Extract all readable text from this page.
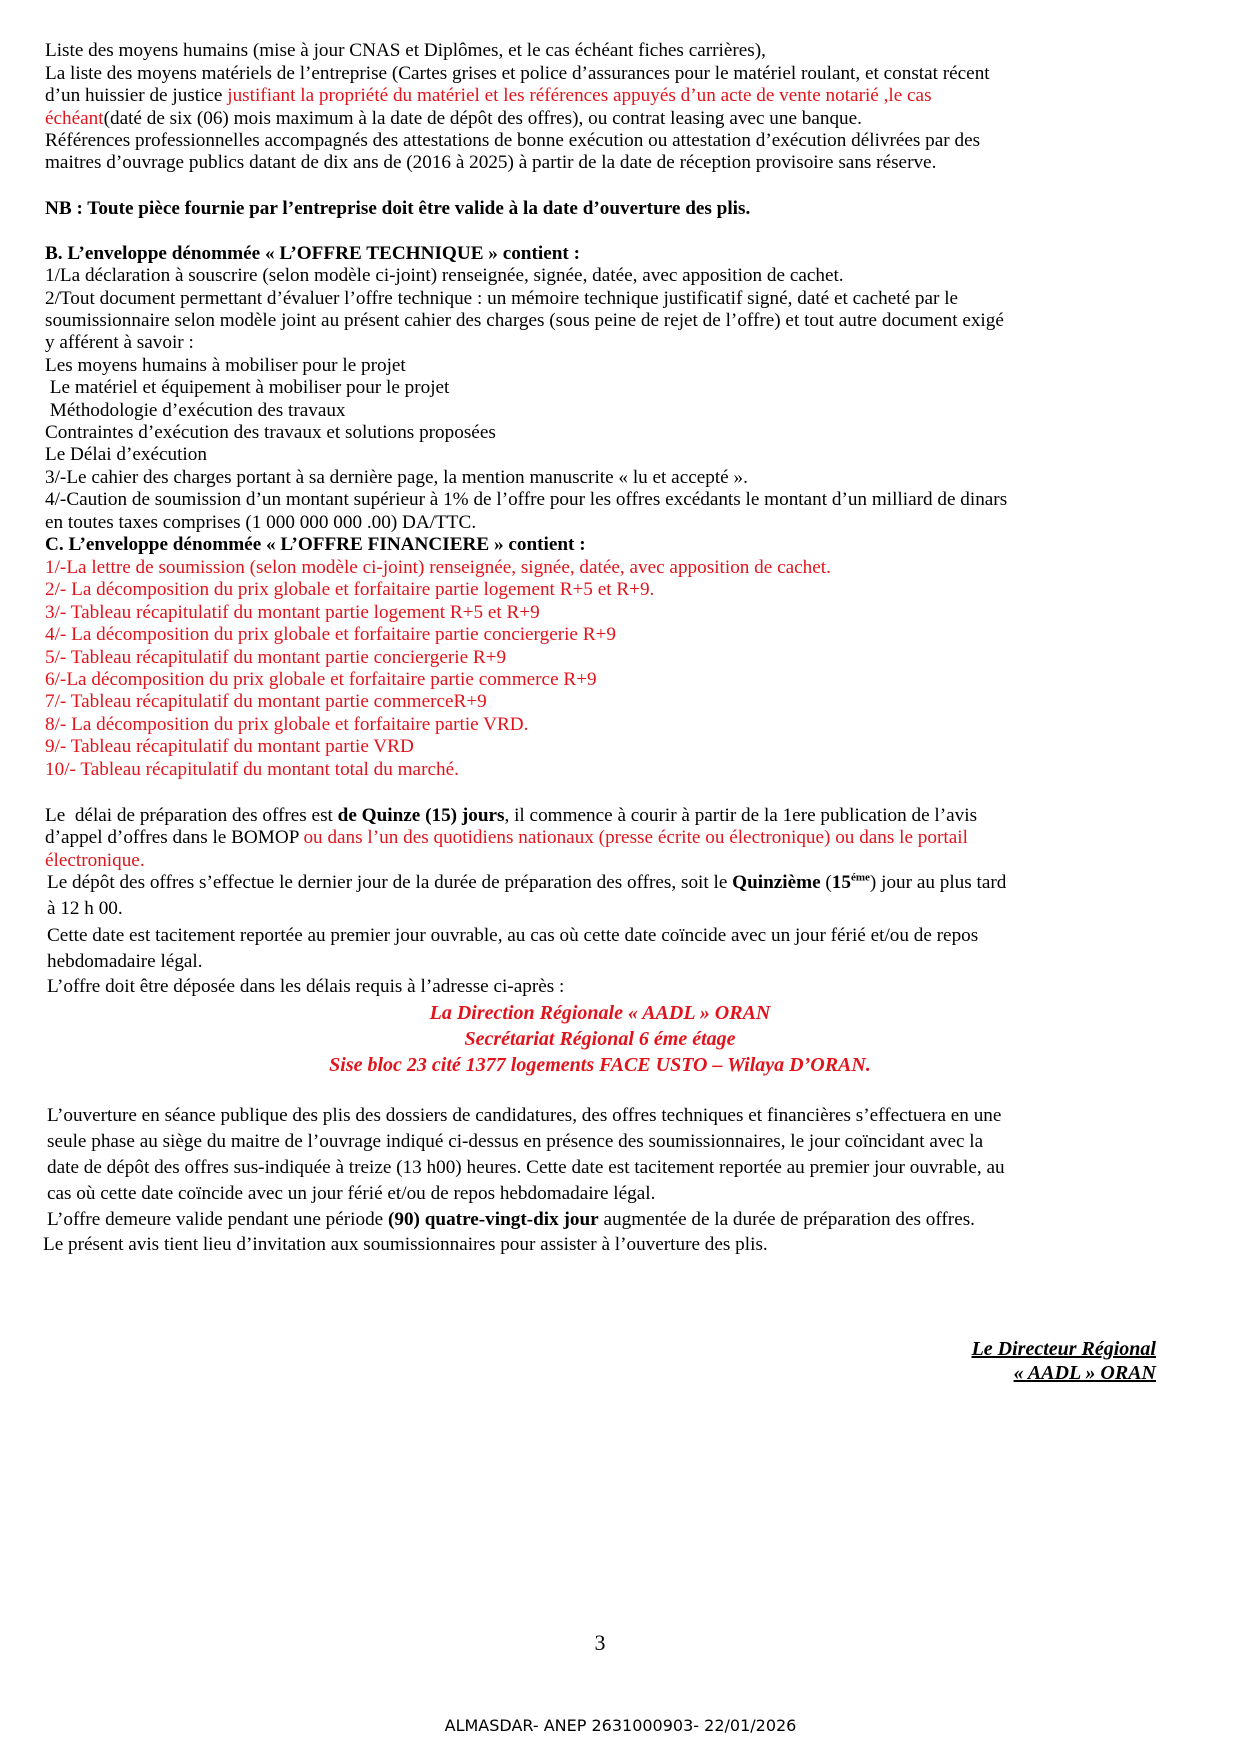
Liste des moyens humains (mise à jour CNAS et Diplômes, et le cas échéant fiches carrières),
La liste des moyens matériels de l’entreprise (Cartes grises et police d’assurances pour le matériel roulant, et constat récent
d’un huissier de justice justifiant la propriété du matériel et les références appuyés d’un acte de vente notarié ,le cas
échéant(daté de six (06) mois maximum à la date de dépôt des offres), ou contrat leasing avec une banque.
Références professionnelles accompagnés des attestations de bonne exécution ou attestation d’exécution délivrées par des
maitres d’ouvrage publics datant de dix ans de (2016 à 2025) à partir de la date de réception provisoire sans réserve.
NB : Toute pièce fournie par l’entreprise doit être valide à la date d’ouverture des plis.
B. L’enveloppe dénommée « L’OFFRE TECHNIQUE » contient :
1/La déclaration à souscrire (selon modèle ci-joint) renseignée, signée, datée, avec apposition de cachet.
2/Tout document permettant d’évaluer l’offre technique : un mémoire technique justificatif signé, daté et cacheté par le
soumissionnaire selon modèle joint au présent cahier des charges (sous peine de rejet de l’offre) et tout autre document exigé
y afférent à savoir :
Les moyens humains à mobiliser pour le projet
Le matériel et équipement à mobiliser pour le projet
Méthodologie d’exécution des travaux
Contraintes d’exécution des travaux et solutions proposées
Le Délai d’exécution
3/-Le cahier des charges portant à sa dernière page, la mention manuscrite « lu et accepté ».
4/-Caution de soumission d’un montant supérieur à 1% de l’offre pour les offres excédants le montant d’un milliard de dinars
en toutes taxes comprises (1 000 000 000 .00) DA/TTC.
C. L’enveloppe dénommée « L’OFFRE FINANCIERE » contient :
1/-La lettre de soumission (selon modèle ci-joint) renseignée, signée, datée, avec apposition de cachet.
2/- La décomposition du prix globale et forfaitaire partie logement R+5 et R+9.
3/- Tableau récapitulatif du montant partie logement R+5 et R+9
4/- La décomposition du prix globale et forfaitaire partie conciergerie R+9
5/- Tableau récapitulatif du montant partie conciergerie R+9
6/-La décomposition du prix globale et forfaitaire partie commerce R+9
7/- Tableau récapitulatif du montant partie commerceR+9
8/- La décomposition du prix globale et forfaitaire partie VRD.
9/- Tableau récapitulatif du montant partie VRD
10/- Tableau récapitulatif du montant total du marché.
Le  délai de préparation des offres est de Quinze (15) jours, il commence à courir à partir de la 1ere publication de l’avis
d’appel d’offres dans le BOMOP ou dans l’un des quotidiens nationaux (presse écrite ou électronique) ou dans le portail
électronique.
Le dépôt des offres s’effectue le dernier jour de la durée de préparation des offres, soit le Quinzième $(15^{éme})$ jour au plus tard
à 12 h 00.
Cette date est tacitement reportée au premier jour ouvrable, au cas où cette date coïncide avec un jour férié et/ou de repos
hebdomadaire légal.
L’offre doit être déposée dans les délais requis à l’adresse ci-après :
La Direction Régionale « AADL » ORAN
Secrétariat Régional 6 éme étage
Sise bloc 23 cité 1377 logements FACE USTO – Wilaya D’ORAN.
L’ouverture en séance publique des plis des dossiers de candidatures, des offres techniques et financières s’effectuera en une
seule phase au siège du maitre de l’ouvrage indiqué ci-dessus en présence des soumissionnaires, le jour coïncidant avec la
date de dépôt des offres sus-indiquée à treize (13 h00) heures. Cette date est tacitement reportée au premier jour ouvrable, au
cas où cette date coïncide avec un jour férié et/ou de repos hebdomadaire légal.
L’offre demeure valide pendant une période (90) quatre-vingt-dix jour augmentée de la durée de préparation des offres.
Le présent avis tient lieu d’invitation aux soumissionnaires pour assister à l’ouverture des plis.
Le Directeur Régional
« AADL » ORAN
3
ALMASDAR- ANEP 2631000903- 22/01/2026
